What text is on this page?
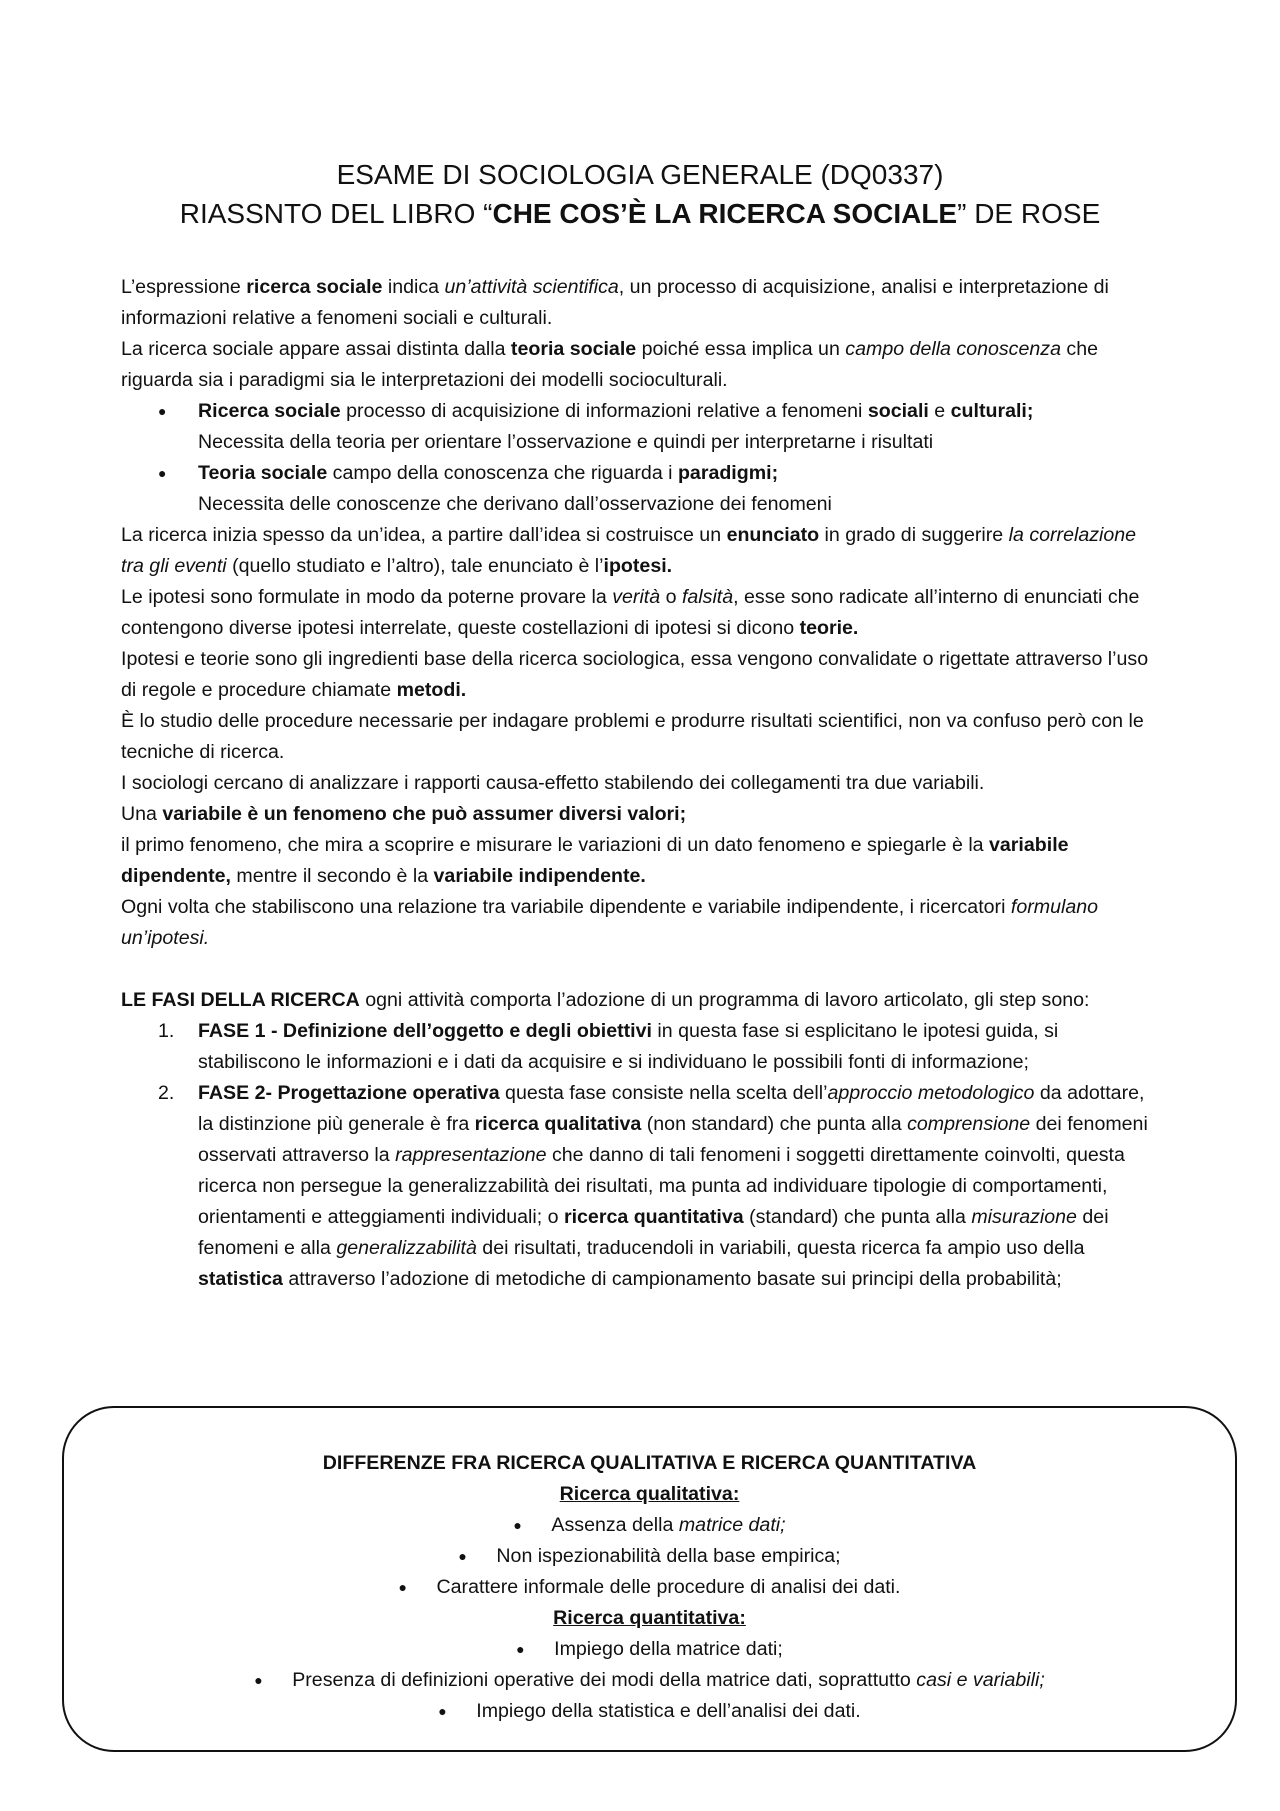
ESAME DI SOCIOLOGIA GENERALE (DQ0337)
RIASSNTO DEL LIBRO “CHE COS’È LA RICERCA SOCIALE” DE ROSE

L’espressione ricerca sociale indica un’attività scientifica, un processo di acquisizione, analisi e interpretazione di informazioni relative a fenomeni sociali e culturali.

La ricerca sociale appare assai distinta dalla teoria sociale poiché essa implica un campo della conoscenza che riguarda sia i paradigmi sia le interpretazioni dei modelli socioculturali.

● Ricerca sociale processo di acquisizione di informazioni relative a fenomeni sociali e culturali;
Necessita della teoria per orientare l’osservazione e quindi per interpretarne i risultati
● Teoria sociale campo della conoscenza che riguarda i paradigmi;
Necessita delle conoscenze che derivano dall’osservazione dei fenomeni

La ricerca inizia spesso da un’idea, a partire dall’idea si costruisce un enunciato in grado di suggerire la correlazione tra gli eventi (quello studiato e l’altro), tale enunciato è l’ipotesi.

Le ipotesi sono formulate in modo da poterne provare la verità o falsità, esse sono radicate all’interno di enunciati che contengono diverse ipotesi interrelate, queste costellazioni di ipotesi si dicono teorie.

Ipotesi e teorie sono gli ingredienti base della ricerca sociologica, essa vengono convalidate o rigettate attraverso l’uso di regole e procedure chiamate metodi.

È lo studio delle procedure necessarie per indagare problemi e produrre risultati scientifici, non va confuso però con le tecniche di ricerca.

I sociologi cercano di analizzare i rapporti causa-effetto stabilendo dei collegamenti tra due variabili.

Una variabile è un fenomeno che può assumer diversi valori;

il primo fenomeno, che mira a scoprire e misurare le variazioni di un dato fenomeno e spiegarle è la variabile dipendente, mentre il secondo è la variabile indipendente.

Ogni volta che stabiliscono una relazione tra variabile dipendente e variabile indipendente, i ricercatori formulano un’ipotesi.

LE FASI DELLA RICERCA ogni attività comporta l’adozione di un programma di lavoro articolato, gli step sono:

1. FASE 1 - Definizione dell’oggetto e degli obiettivi in questa fase si esplicitano le ipotesi guida, si stabiliscono le informazioni e i dati da acquisire e si individuano le possibili fonti di informazione;
2. FASE 2- Progettazione operativa questa fase consiste nella scelta dell’approccio metodologico da adottare, la distinzione più generale è fra ricerca qualitativa (non standard) che punta alla comprensione dei fenomeni osservati attraverso la rappresentazione che danno di tali fenomeni i soggetti direttamente coinvolti, questa ricerca non persegue la generalizzabilità dei risultati, ma punta ad individuare tipologie di comportamenti, orientamenti e atteggiamenti individuali; o ricerca quantitativa (standard) che punta alla misurazione dei fenomeni e alla generalizzabilità dei risultati, traducendoli in variabili, questa ricerca fa ampio uso della statistica attraverso l’adozione di metodiche di campionamento basate sui principi della probabilità;
DIFFERENZE FRA RICERCA QUALITATIVA E RICERCA QUANTITATIVA
Ricerca qualitativa:
● Assenza della matrice dati;
● Non ispezionabilità della base empirica;
● Carattere informale delle procedure di analisi dei dati.
Ricerca quantitativa:
● Impiego della matrice dati;
● Presenza di definizioni operative dei modi della matrice dati, soprattutto casi e variabili;
● Impiego della statistica e dell’analisi dei dati.
